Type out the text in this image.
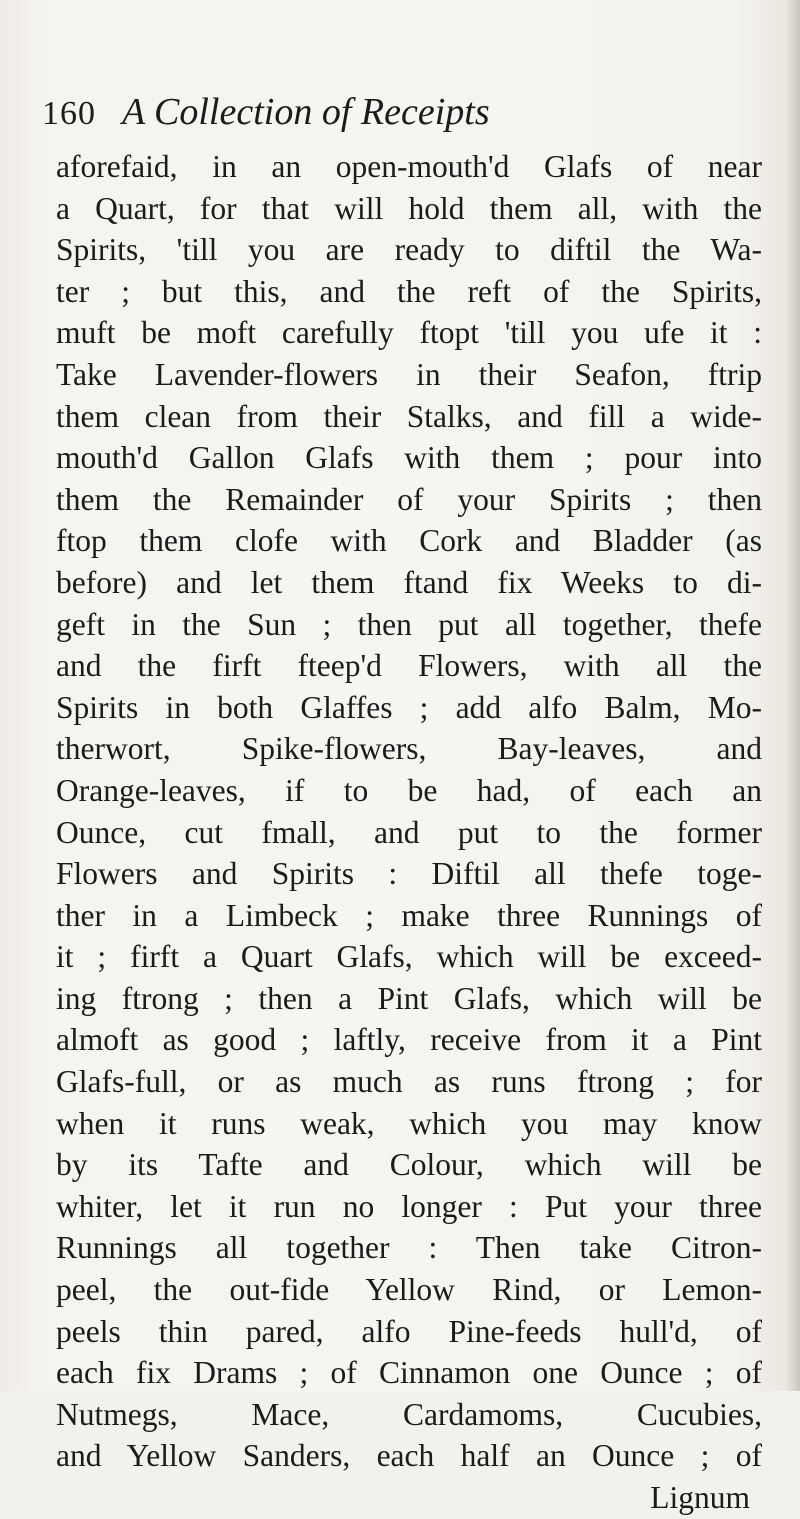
160 A Collection of Receipts
aforefaid, in an open-mouth'd Glafs of near
a Quart, for that will hold them all, with the
Spirits, 'till you are ready to diftil the Wa-
ter ; but this, and the reft of the Spirits,
muft be moft carefully ftopt 'till you ufe it :
Take Lavender-flowers in their Seafon, ftrip
them clean from their Stalks, and fill a wide-
mouth'd Gallon Glafs with them ; pour into
them the Remainder of your Spirits ; then
ftop them clofe with Cork and Bladder (as
before) and let them ftand fix Weeks to di-
geft in the Sun ; then put all together, thefe
and the firft fteep'd Flowers, with all the
Spirits in both Glaffes ; add alfo Balm, Mo-
therwort, Spike-flowers, Bay-leaves, and
Orange-leaves, if to be had, of each an
Ounce, cut fmall, and put to the former
Flowers and Spirits : Diftil all thefe toge-
ther in a Limbeck ; make three Runnings of
it ; firft a Quart Glafs, which will be exceed-
ing ftrong ; then a Pint Glafs, which will be
almoft as good ; laftly, receive from it a Pint
Glafs-full, or as much as runs ftrong ; for
when it runs weak, which you may know
by its Tafte and Colour, which will be
whiter, let it run no longer : Put your three
Runnings all together : Then take Citron-
peel, the out-fide Yellow Rind, or Lemon-
peels thin pared, alfo Pine-feeds hull'd, of
each fix Drams ; of Cinnamon one Ounce ; of
Nutmegs, Mace, Cardamoms, Cucubies,
and Yellow Sanders, each half an Ounce ; of
Lignum
